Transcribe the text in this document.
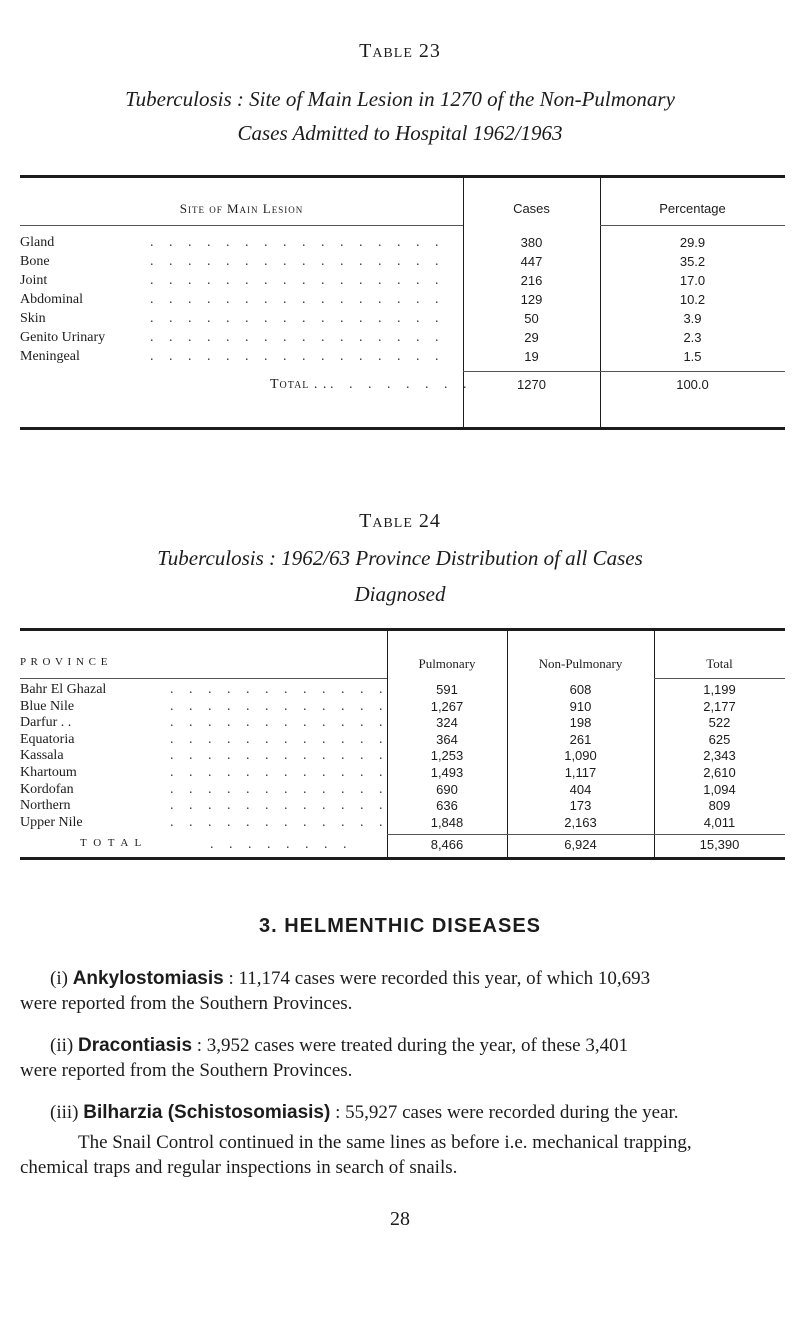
Table 23

Tuberculosis : Site of Main Lesion in 1270 of the Non-Pulmonary

Cases Admitted to Hospital 1962/1963

Site of Main Lesion	Cases	Percentage
Gland	. . . . . . . . . . . . . . . .	380	29.9
Bone	. . . . . . . . . . . . . . . .	447	35.2
Joint	. . . . . . . . . . . . . . . .	216	17.0
Abdominal	. . . . . . . . . . . . . . . .	129	10.2
Skin	. . . . . . . . . . . . . . . .	50	3.9
Genito Urinary	. . . . . . . . . . . . . . . .	29	2.3
Meningeal	. . . . . . . . . . . . . . . .	19	1.5
Total . . . . . . . . . .	1270	100.0

Table 24

Tuberculosis : 1962/63 Province Distribution of all Cases

Diagnosed

P R O V I N C E	Pulmonary	Non-Pulmonary	Total
Bahr El Ghazal	. . . . . . . . . . . .	591	608	1,199
Blue Nile	. . . . . . . . . . . .	1,267	910	2,177
Darfur . .	. . . . . . . . . . . .	324	198	522
Equatoria	. . . . . . . . . . . .	364	261	625
Kassala	. . . . . . . . . . . .	1,253	1,090	2,343
Khartoum	. . . . . . . . . . . .	1,493	1,117	2,610
Kordofan	. . . . . . . . . . . .	690	404	1,094
Northern	. . . . . . . . . . . .	636	173	809
Upper Nile	. . . . . . . . . . . .	1,848	2,163	4,011
T O T A L	. . . . . . . .	8,466	6,924	15,390
3. HELMENTHIC DISEASES
(i) Ankylostomiasis : 11,174 cases were recorded this year, of which 10,693
were reported from the Southern Provinces.
(ii) Dracontiasis : 3,952 cases were treated during the year, of these 3,401
were reported from the Southern Provinces.
(iii) Bilharzia (Schistosomiasis) : 55,927 cases were recorded during the year.
The Snail Control continued in the same lines as before i.e. mechanical trapping,
chemical traps and regular inspections in search of snails.
28
